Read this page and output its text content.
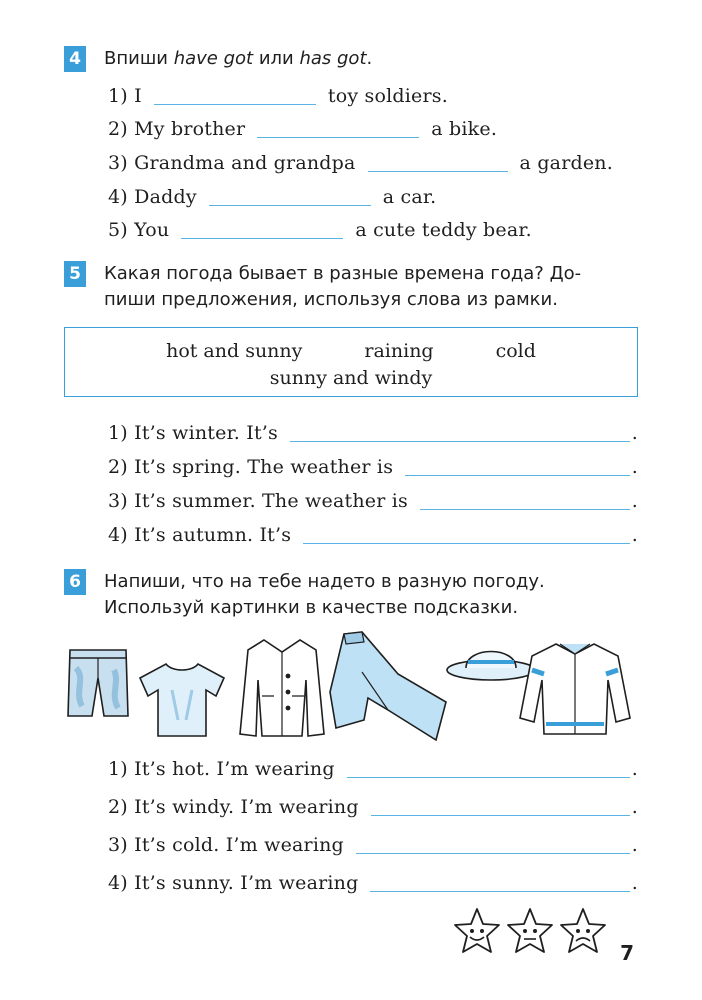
4 Впиши have got или has got.
1) I	toy soldiers.
2) My brother	a bike.
3) Grandma and grandpa	a garden.
4) Daddy	a car.
5) You	a cute teddy bear.
5 Какая погода бывает в разные времена года? До-
пиши предложения, используя слова из рамки.
hot and sunny	raining	cold
sunny and windy
1) It’s winter. It’s	.
2) It’s spring. The weather is	.
3) It’s summer. The weather is	.
4) It’s autumn. It’s	.
6 Напиши, что на тебе надето в разную погоду.
Используй картинки в качестве подсказки.
1) It’s hot. I’m wearing	.
2) It’s windy. I’m wearing	.
3) It’s cold. I’m wearing	.
4) It’s sunny. I’m wearing	.
7
